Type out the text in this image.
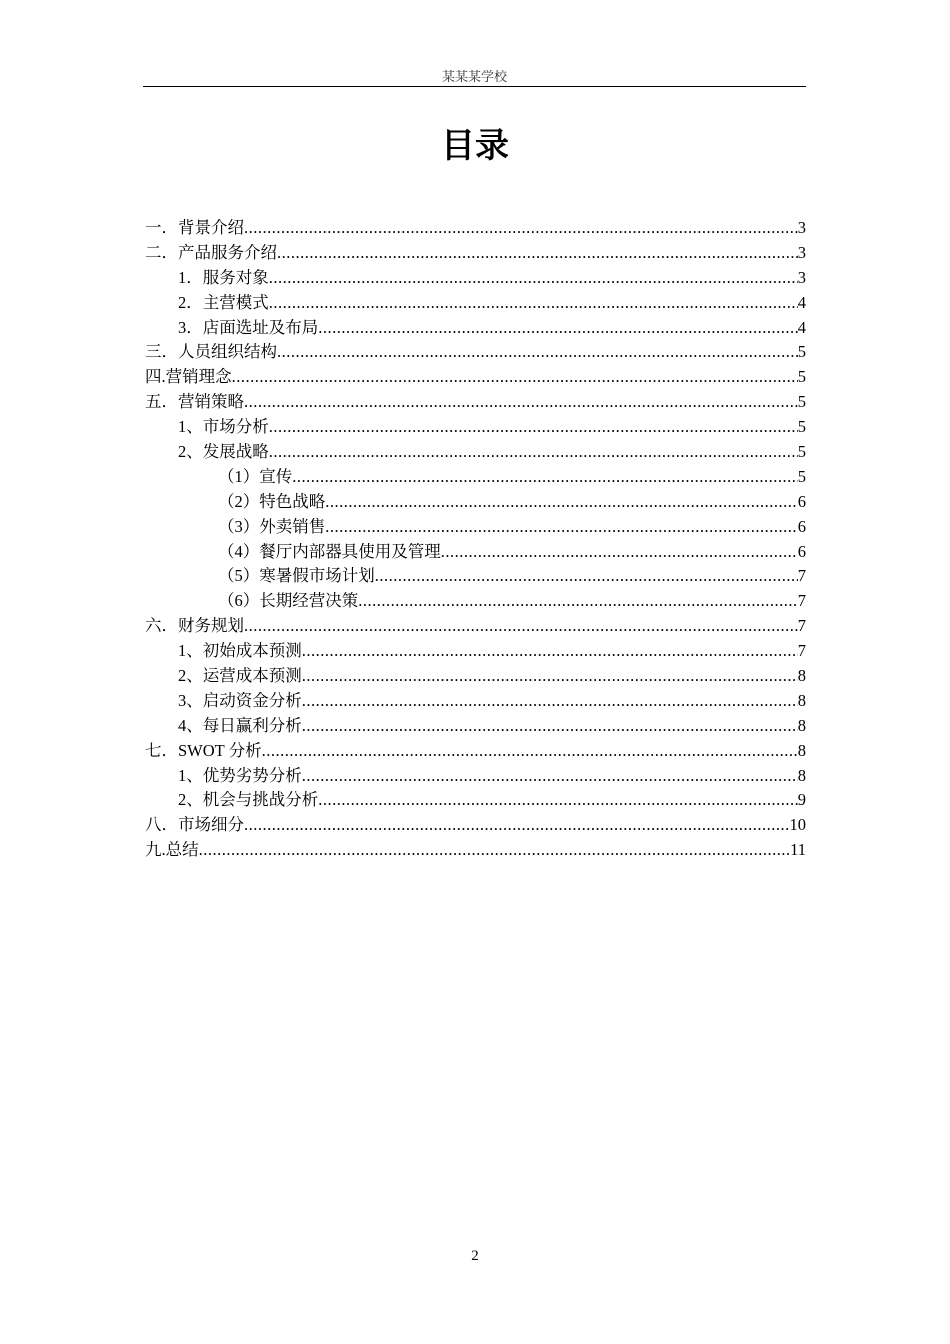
某某某学校
目录
一．背景介绍 .....	3
二．产品服务介绍 .....	3
1．服务对象 .....	3
2．主营模式 .....	4
3．店面选址及布局 .....	4
三．人员组织结构 .....	5
四.营销理念 .....	5
五．营销策略 .....	5
1、市场分析 .....	5
2、发展战略 .....	5
（1）宣传 .....	5
（2）特色战略 .....	6
（3）外卖销售 .....	6
（4）餐厅内部器具使用及管理 .....	6
（5）寒暑假市场计划 .....	7
（6）长期经营决策 .....	7
六．财务规划 .....	7
1、初始成本预测 .....	7
2、运营成本预测 .....	8
3、启动资金分析 .....	8
4、每日赢利分析 .....	8
七．SWOT 分析 .....	8
1、优势劣势分析 .....	8
2、机会与挑战分析 .....	9
八．市场细分 .....	10
九.总结 .....	11
2
